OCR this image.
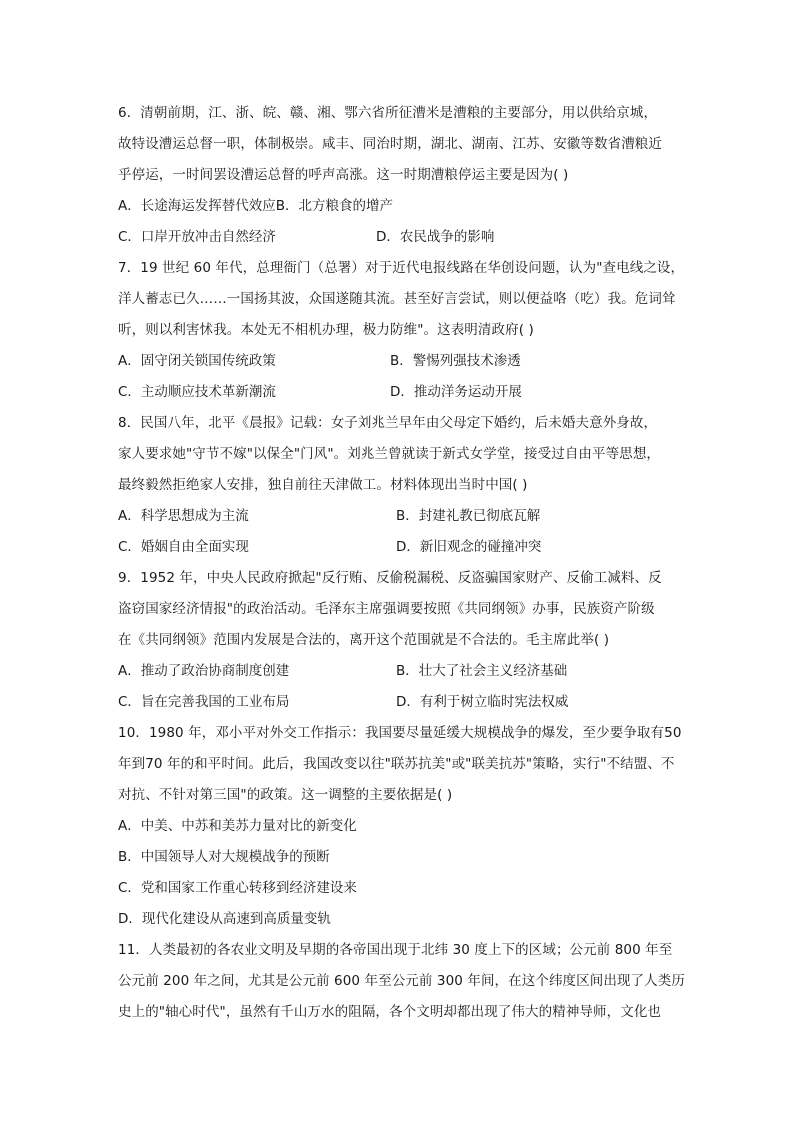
6．清朝前期，江、浙、皖、赣、湘、鄂六省所征漕米是漕粮的主要部分，用以供给京城，
故特设漕运总督一职，体制极崇。咸丰、同治时期，湖北、湖南、江苏、安徽等数省漕粮近
乎停运，一时间罢设漕运总督的呼声高涨。这一时期漕粮停运主要是因为( )
A．长途海运发挥替代效应B．北方粮食的增产
C．口岸开放冲击自然经济	D．农民战争的影响
7．19 世纪 60 年代，总理衙门（总署）对于近代电报线路在华创设问题，认为"查电线之设，
洋人蓄志已久……一国扬其波，众国遂随其流。甚至好言尝试，则以便益咯（吃）我。危词耸
听，则以利害怵我。本处无不相机办理，极力防维"。这表明清政府( )
A．固守闭关锁国传统政策	B．警惕列强技术渗透
C．主动顺应技术革新潮流	D．推动洋务运动开展
8．民国八年，北平《晨报》记载：女子刘兆兰早年由父母定下婚约，后未婚夫意外身故，
家人要求她"守节不嫁"以保全"门风"。刘兆兰曾就读于新式女学堂，接受过自由平等思想，
最终毅然拒绝家人安排，独自前往天津做工。材料体现出当时中国( )
A．科学思想成为主流	B．封建礼教已彻底瓦解
C．婚姻自由全面实现	D．新旧观念的碰撞冲突
9．1952 年，中央人民政府掀起"反行贿、反偷税漏税、反盗骗国家财产、反偷工减料、反
盗窃国家经济情报"的政治活动。毛泽东主席强调要按照《共同纲领》办事，民族资产阶级
在《共同纲领》范围内发展是合法的，离开这个范围就是不合法的。毛主席此举( )
A．推动了政治协商制度创建	B．壮大了社会主义经济基础
C．旨在完善我国的工业布局	D．有利于树立临时宪法权威
10．1980 年，邓小平对外交工作指示：我国要尽量延缓大规模战争的爆发，至少要争取有50
年到70 年的和平时间。此后，我国改变以往"联苏抗美"或"联美抗苏"策略，实行"不结盟、不
对抗、不针对第三国"的政策。这一调整的主要依据是( )
A．中美、中苏和美苏力量对比的新变化
B．中国领导人对大规模战争的预断
C．党和国家工作重心转移到经济建设来
D．现代化建设从高速到高质量变轨
11．人类最初的各农业文明及早期的各帝国出现于北纬 30 度上下的区域；公元前 800 年至
公元前 200 年之间，尤其是公元前 600 年至公元前 300 年间，在这个纬度区间出现了人类历
史上的"轴心时代"，虽然有千山万水的阻隔，各个文明却都出现了伟大的精神导师，文化也
